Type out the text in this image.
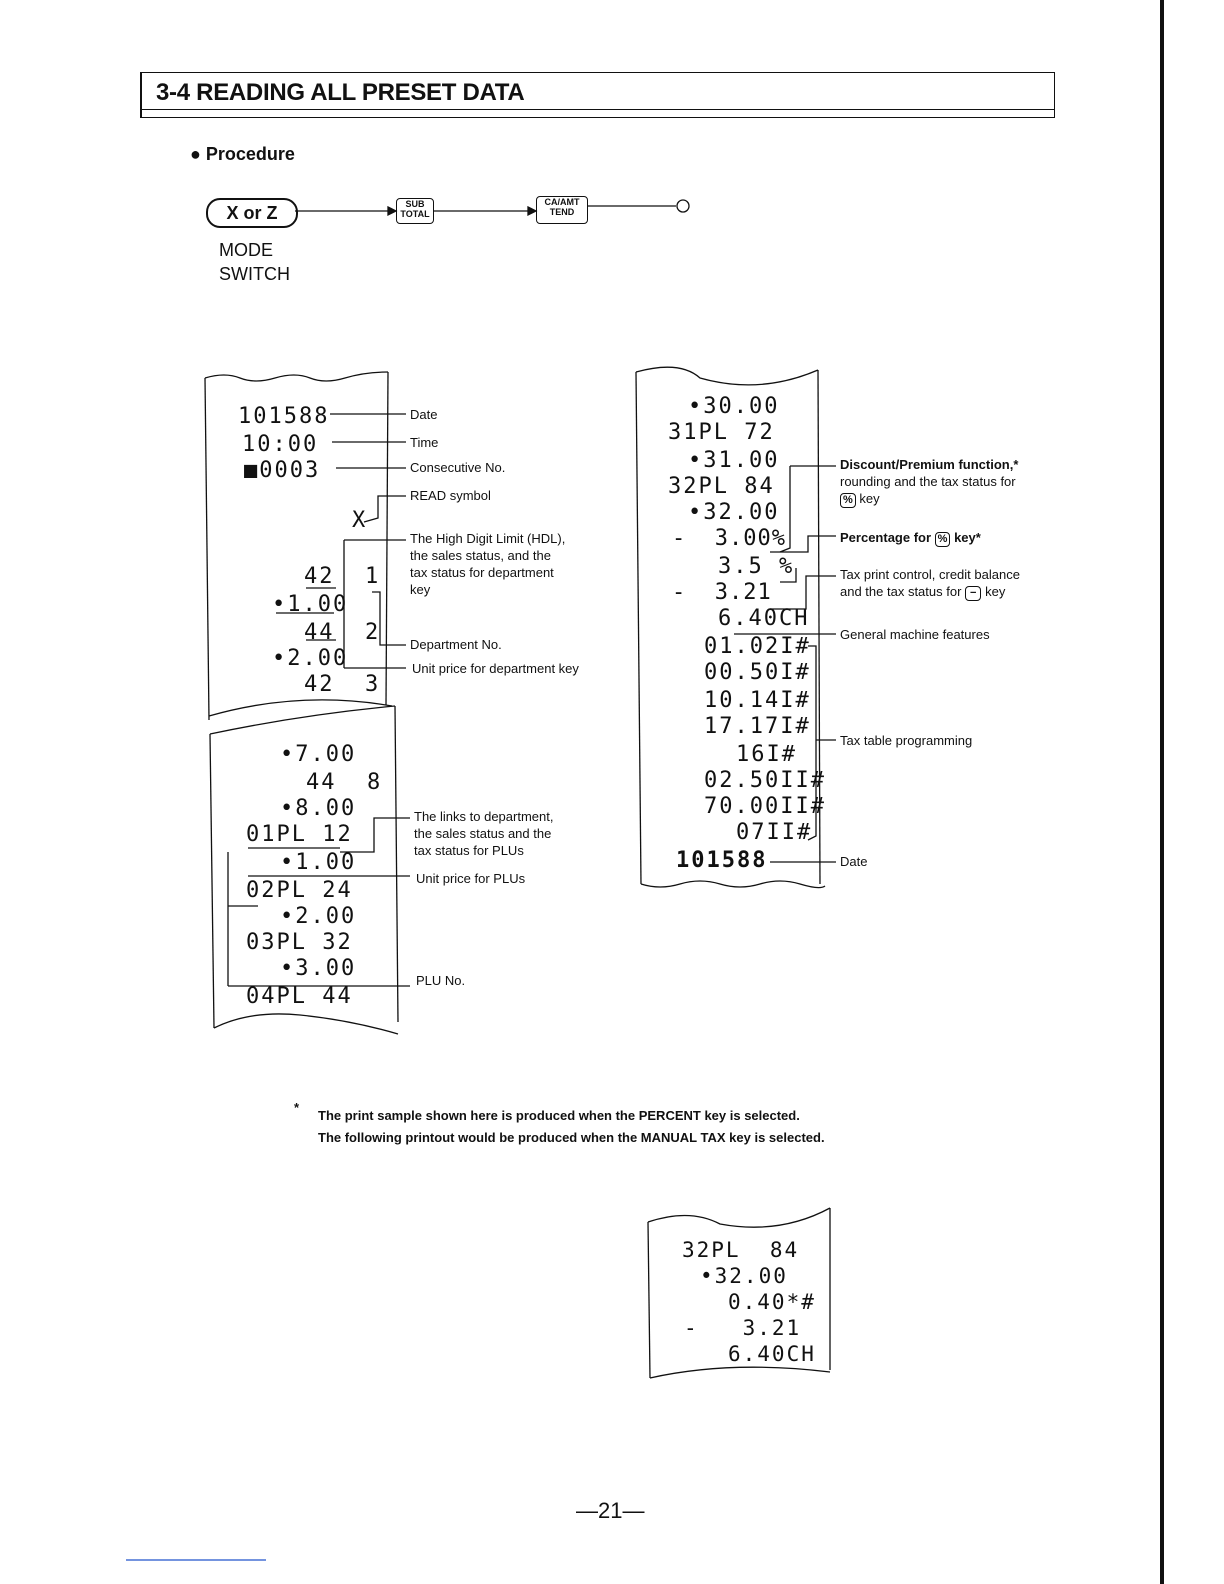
3-4 READING ALL PRESET DATA
● Procedure
X or Z	SUB
TOTAL
CA/AMT
TEND
MODE
SWITCH
101588
10:00
■0003
X
42  1
•1.00
44  2
•2.00
42  3
•7.00
44  8
•8.00
01PL 12
•1.00
02PL 24
•2.00
03PL 32
•3.00
04PL 44
Date
Time
Consecutive No.
READ symbol
The High Digit Limit (HDL),
the sales status, and the
tax status for department
key
Department No.
Unit price for department key
The links to department,
the sales status and the
tax status for PLUs
Unit price for PLUs
PLU No.
•30.00
31PL 72
•31.00
32PL 84
•32.00
-  3.00%
3.5 %
-  3.21
6.40CH
01.02I#
00.50I#
10.14I#
17.17I#
16I#
02.50II#
70.00II#
07II#
101588
Discount/Premium function,*
rounding and the tax status for
% key
Percentage for % key*
Tax print control, credit balance
and the tax status for − key
General machine features
Tax table programming
Date
*
The print sample shown here is produced when the PERCENT key is selected.
The following printout would be produced when the MANUAL TAX key is selected.
32PL  84
•32.00
0.40*#
-   3.21
6.40CH
—21—
